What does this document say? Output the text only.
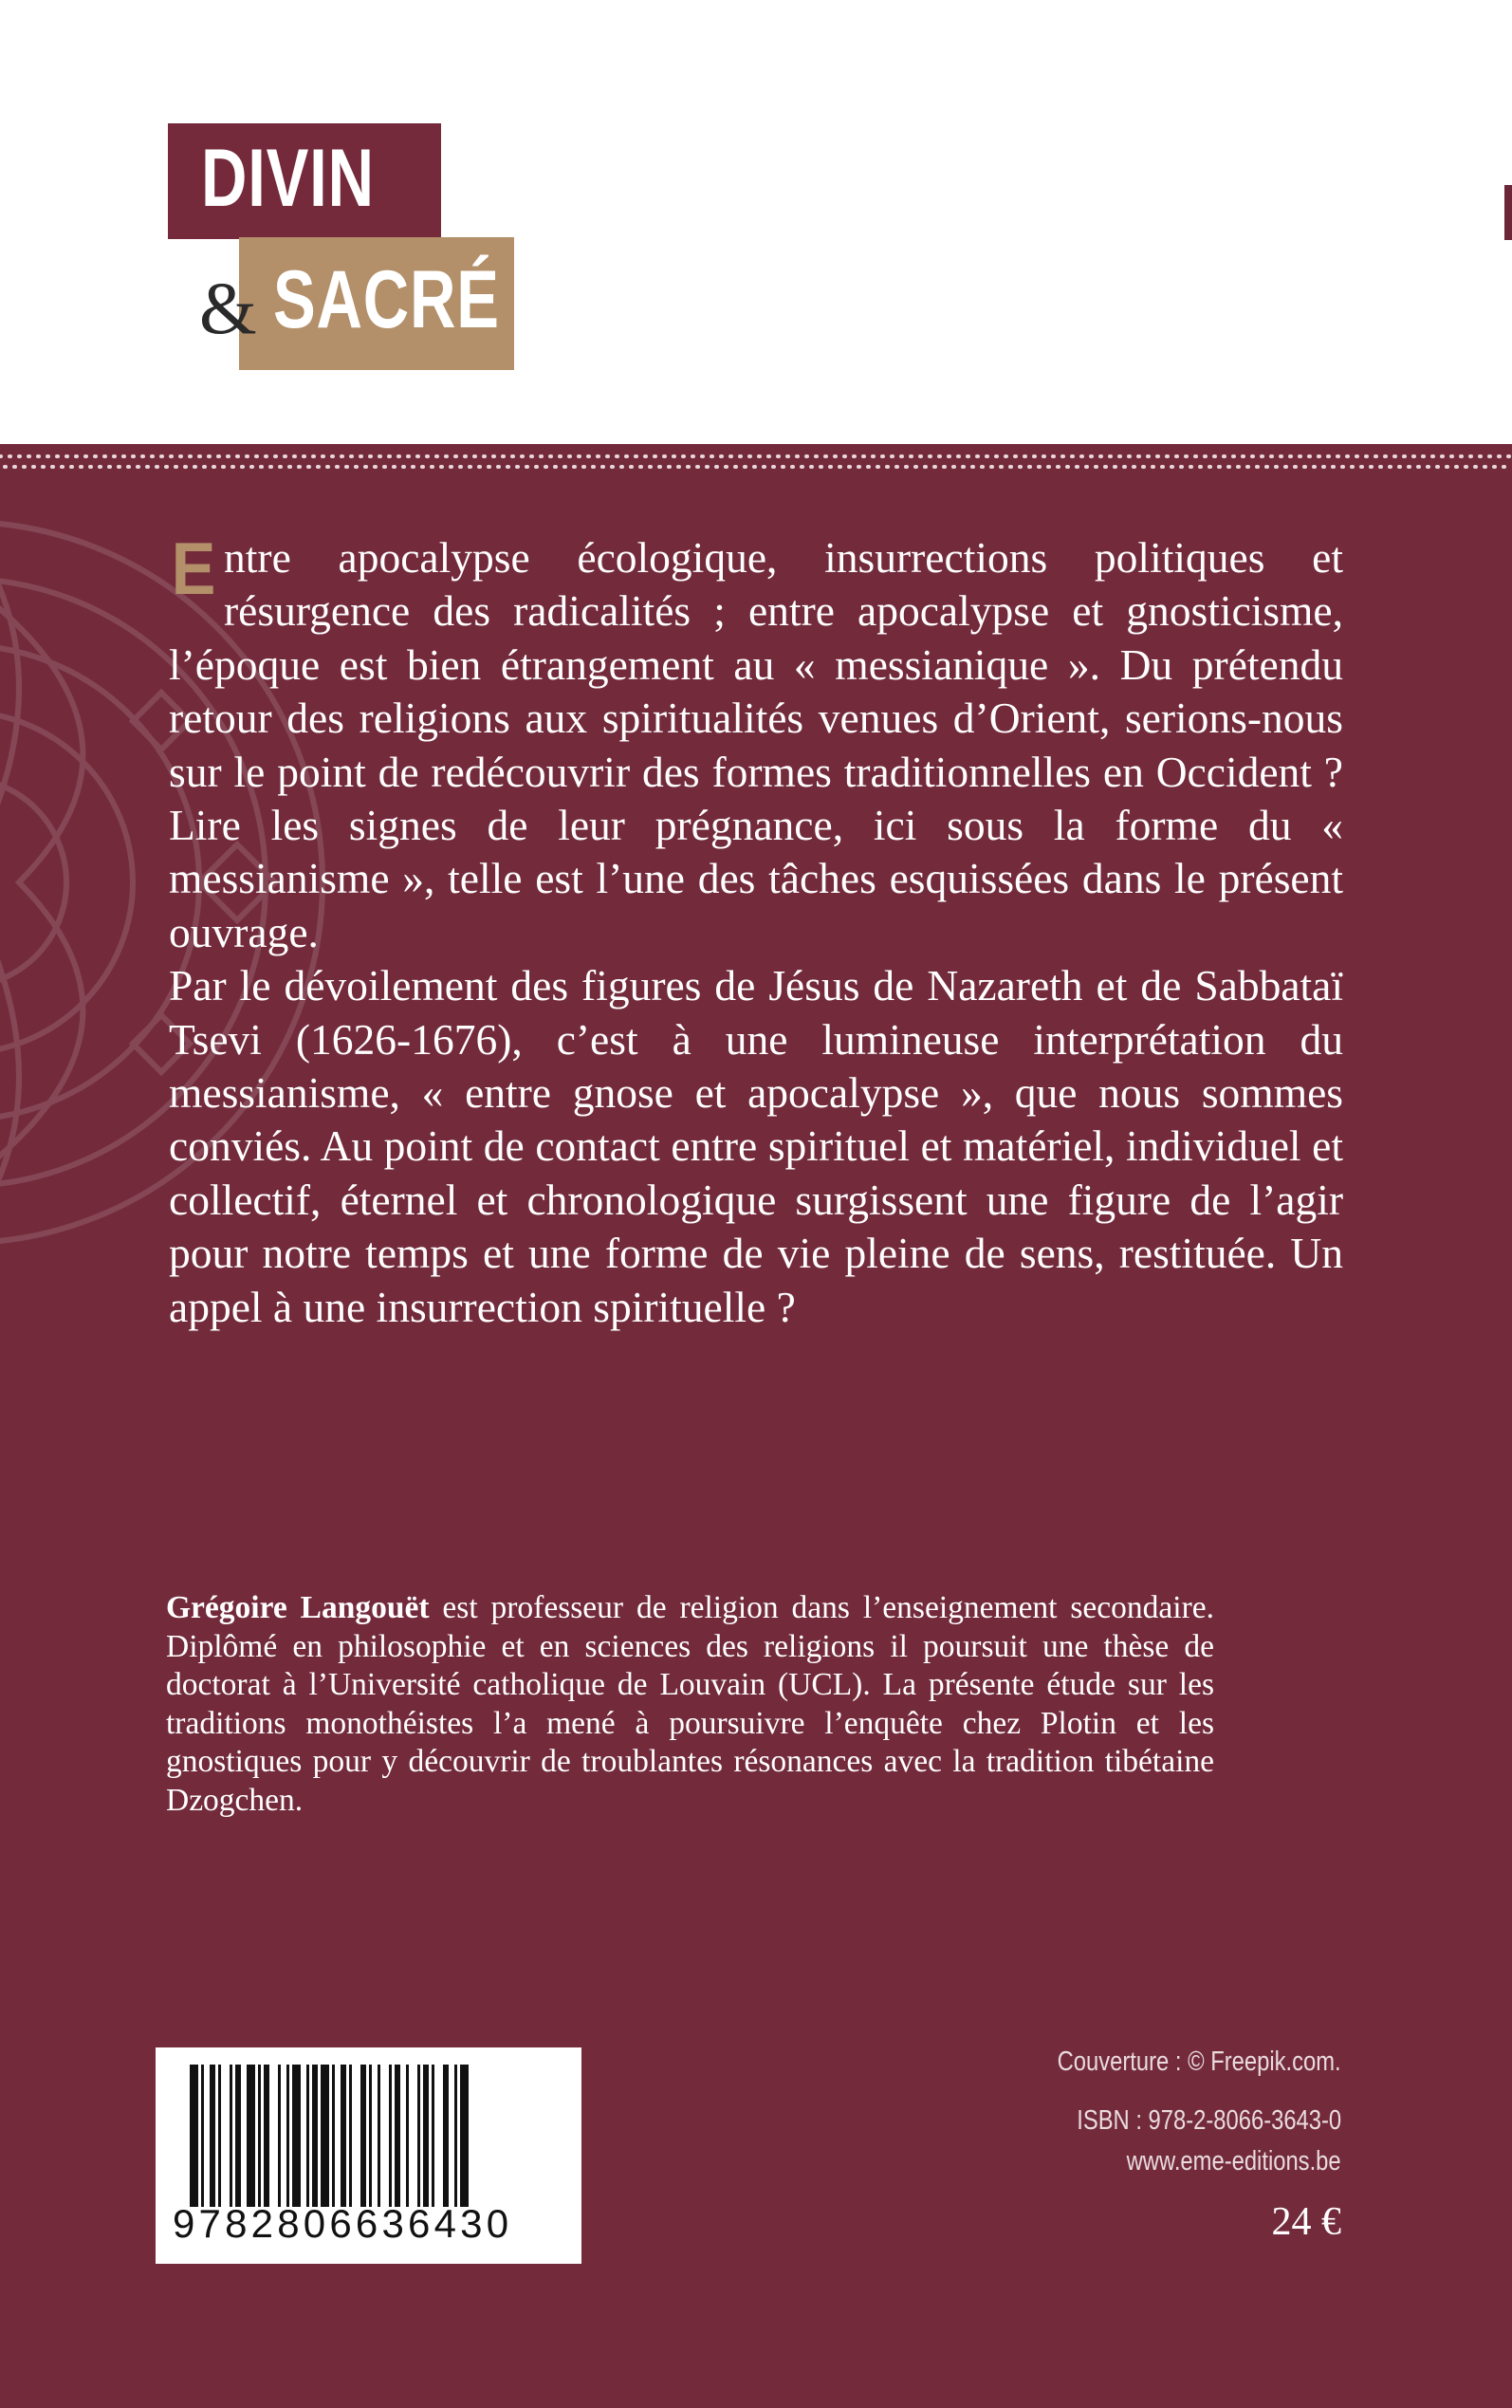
DIVIN
& SACRÉ

Entre apocalypse écologique, insurrections politiques et résurgence des radicalités ; entre apocalypse et gnosticisme, l’époque est bien étrangement au « messianique ». Du prétendu retour des religions aux spiritualités venues d’Orient, serions-nous sur le point de redécouvrir des formes traditionnelles en Occident ? Lire les signes de leur prégnance, ici sous la forme du « messianisme », telle est l’une des tâches esquissées dans le présent ouvrage.

Par le dévoilement des figures de Jésus de Nazareth et de Sabbataï Tsevi (1626-1676), c’est à une lumineuse interprétation du messianisme, « entre gnose et apocalypse », que nous sommes conviés. Au point de contact entre spirituel et matériel, individuel et collectif, éternel et chronologique surgissent une figure de l’agir pour notre temps et une forme de vie pleine de sens, restituée. Un appel à une insurrection spirituelle ?

Grégoire Langouët est professeur de religion dans l’enseignement secondaire. Diplômé en philosophie et en sciences des religions il poursuit une thèse de doctorat à l’Université catholique de Louvain (UCL). La présente étude sur les traditions monothéistes l’a mené à poursuivre l’enquête chez Plotin et les gnostiques pour y découvrir de troublantes résonances avec la tradition tibétaine Dzogchen.

9782806636430
Couverture : © Freepik.com.
ISBN : 978-2-8066-3643-0
www.eme-editions.be
24 €
